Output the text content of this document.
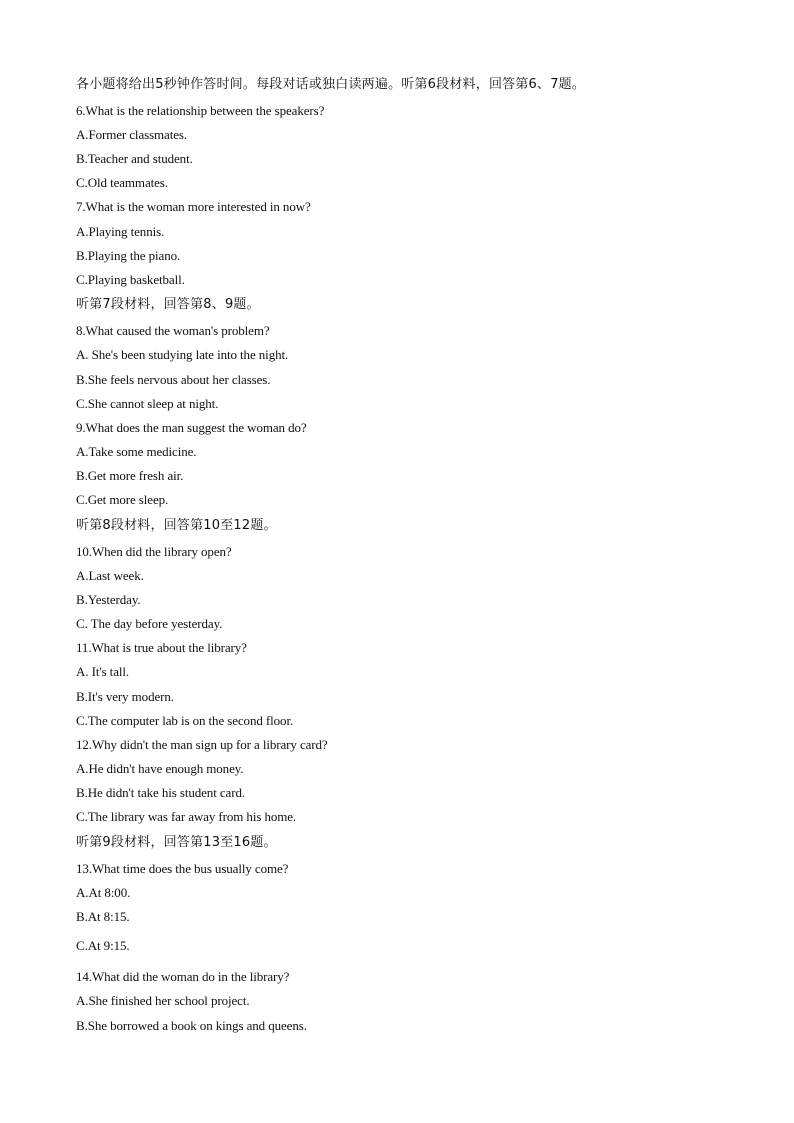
各小题将给出5秒钟作答时间。每段对话或独白读两遍。听第6段材料，回答第6、7题。
6.What is the relationship between the speakers?
A.Former classmates.
B.Teacher and student.
C.Old teammates.
7.What is the woman more interested in now?
A.Playing tennis.
B.Playing the piano.
C.Playing basketball.
听第7段材料，回答第8、9题。
8.What caused the woman's problem?
A. She's been studying late into the night.
B.She feels nervous about her classes.
C.She cannot sleep at night.
9.What does the man suggest the woman do?
A.Take some medicine.
B.Get more fresh air.
C.Get more sleep.
听第8段材料，回答第10至12题。
10.When did the library open?
A.Last week.
B.Yesterday.
C. The day before yesterday.
11.What is true about the library?
A. It's tall.
B.It's very modern.
C.The computer lab is on the second floor.
12.Why didn't the man sign up for a library card?
A.He didn't have enough money.
B.He didn't take his student card.
C.The library was far away from his home.
听第9段材料，回答第13至16题。
13.What time does the bus usually come?
A.At 8:00.
B.At 8:15.
C.At 9:15.
14.What did the woman do in the library?
A.She finished her school project.
B.She borrowed a book on kings and queens.
